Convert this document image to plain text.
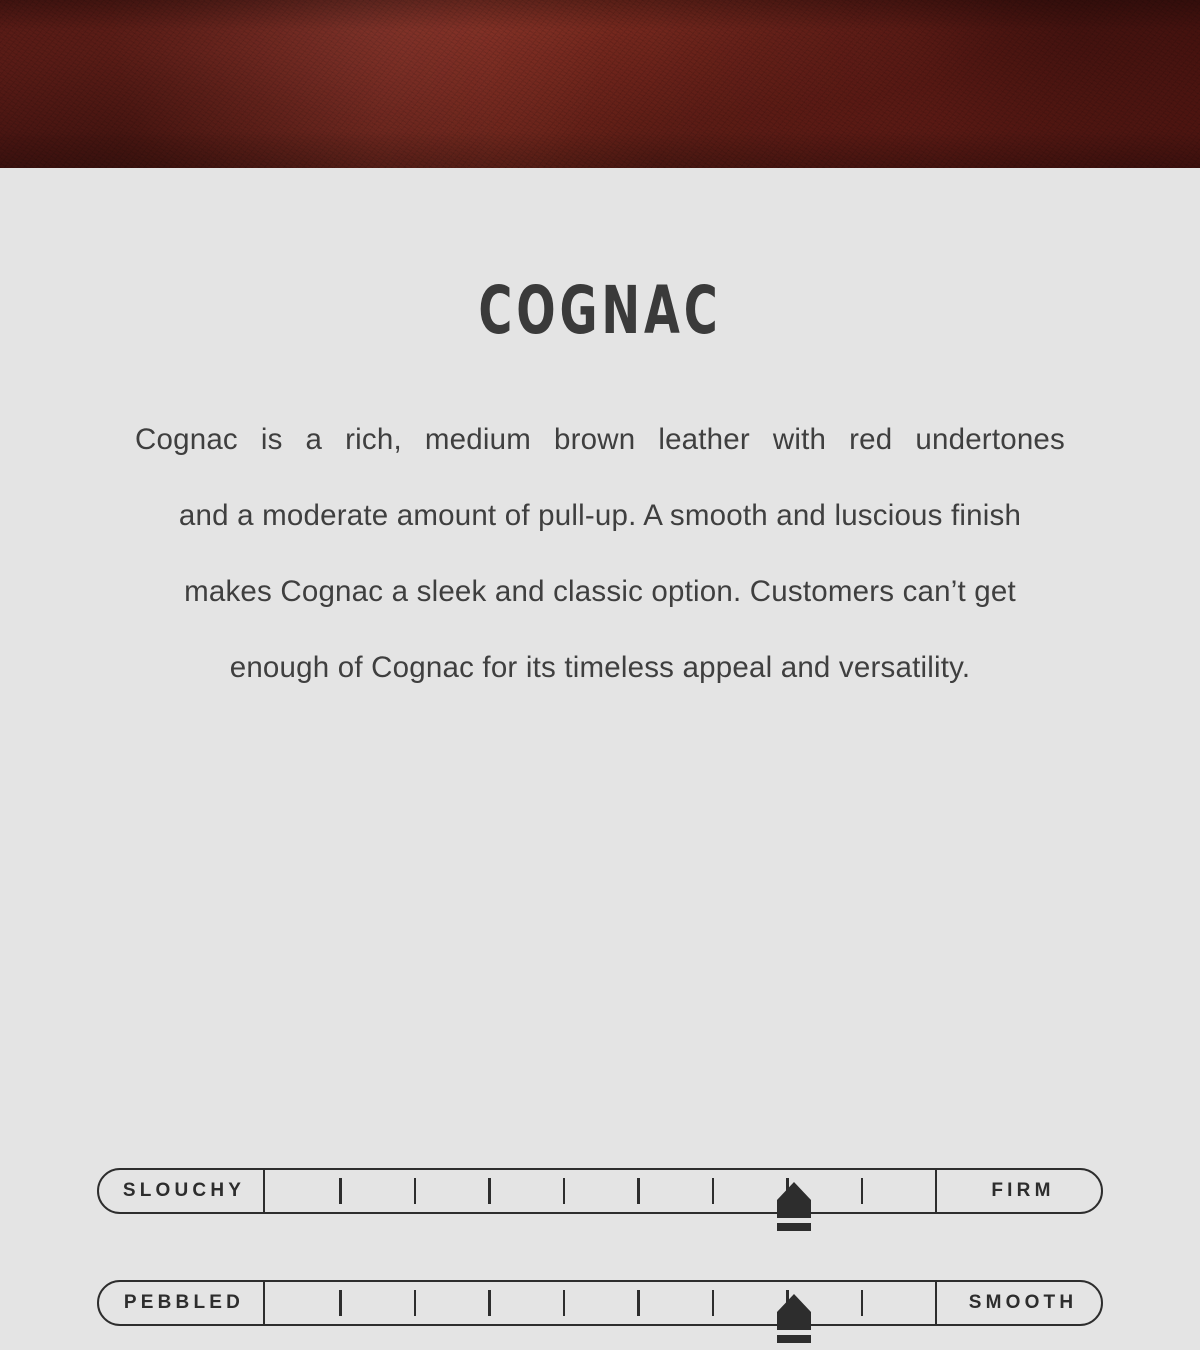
COGNAC
Cognac is a rich, medium brown leather with red undertones
and a moderate amount of pull-up. A smooth and luscious finish
makes Cognac a sleek and classic option. Customers can’t get
enough of Cognac for its timeless appeal and versatility.
SLOUCHY	FIRM
PEBBLED	SMOOTH
